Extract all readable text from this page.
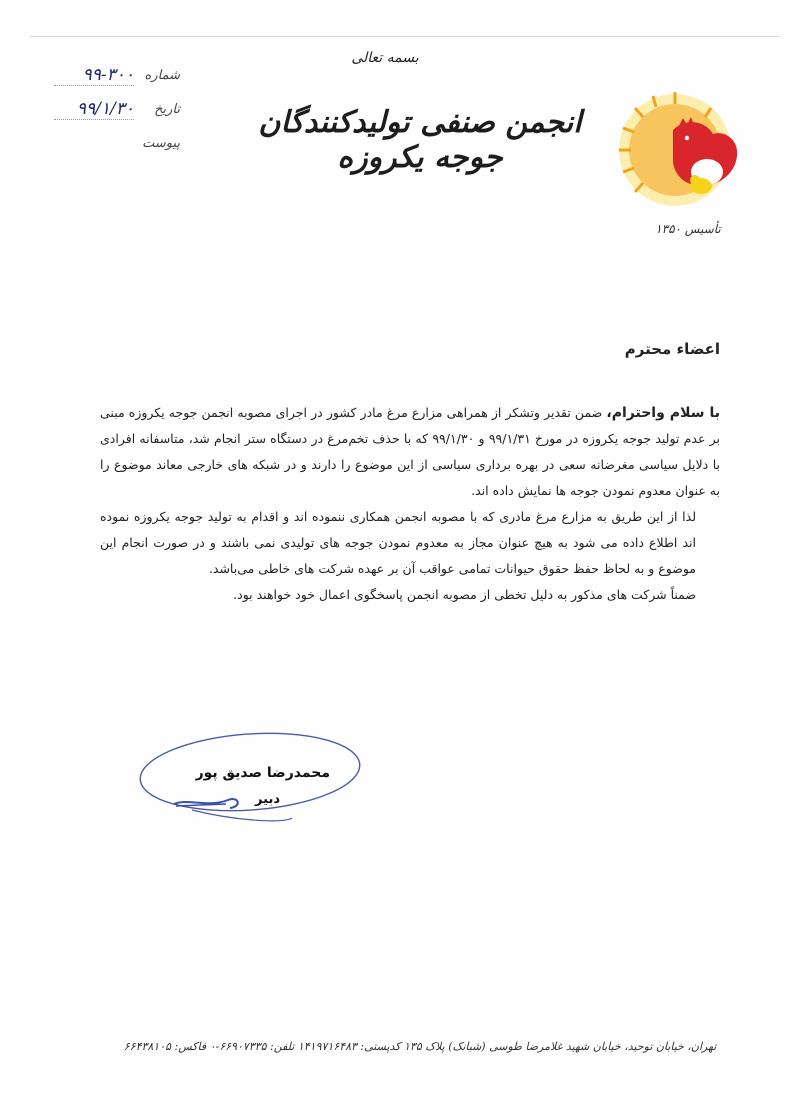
شماره
۹۹-۳۰۰
تاریخ
۹۹/۱/۳۰
پیوست
بسمه تعالی
انجمن صنفی تولیدکنندگان جوجه یکروزه
تأسیس ۱۳۵۰

اعضاء محترم

با سلام واحترام، ضمن تقدیر وتشکر از همراهی مزارع مرغ مادر کشور در اجرای مصوبه انجمن جوجه یکروزه مبنی بر عدم تولید جوجه یکروزه در مورخ ۹۹/۱/۳۱ و ۹۹/۱/۳۰ که با حذف تخم‌مرغ در دستگاه ستر انجام شد، متاسفانه افرادی با دلایل سیاسی مغرضانه سعی در بهره برداری سیاسی از این موضوع را دارند و در شبکه های خارجی معاند موضوع را به عنوان معدوم نمودن جوجه ها نمایش داده اند.

لذا از این طریق به مزارع مرغ مادری که با مصوبه انجمن همکاری ننموده اند و اقدام به تولید جوجه یکروزه نموده اند اطلاع داده می شود به هیچ عنوان مجاز به معدوم نمودن جوجه های تولیدی نمی باشند و در صورت انجام این موضوع و به لحاظ حفظ حقوق حیوانات تمامی عواقب آن بر عهده شرکت های خاطی می‌باشد.

ضمناً شرکت های مذکور به دلیل تخطی از مصوبه انجمن پاسخگوی اعمال خود خواهند بود.

محمدرضا صدیق پور
دبیر
تهران، خیابان توحید، خیابان شهید غلامرضا طوسی (شبانک) پلاک ۱۳۵ کدپستی: ۱۴۱۹۷۱۶۴۸۳ تلفن: ۶۶۹۰۷۳۳۵-۰ فاکس: ۶۶۴۳۸۱۰۵
